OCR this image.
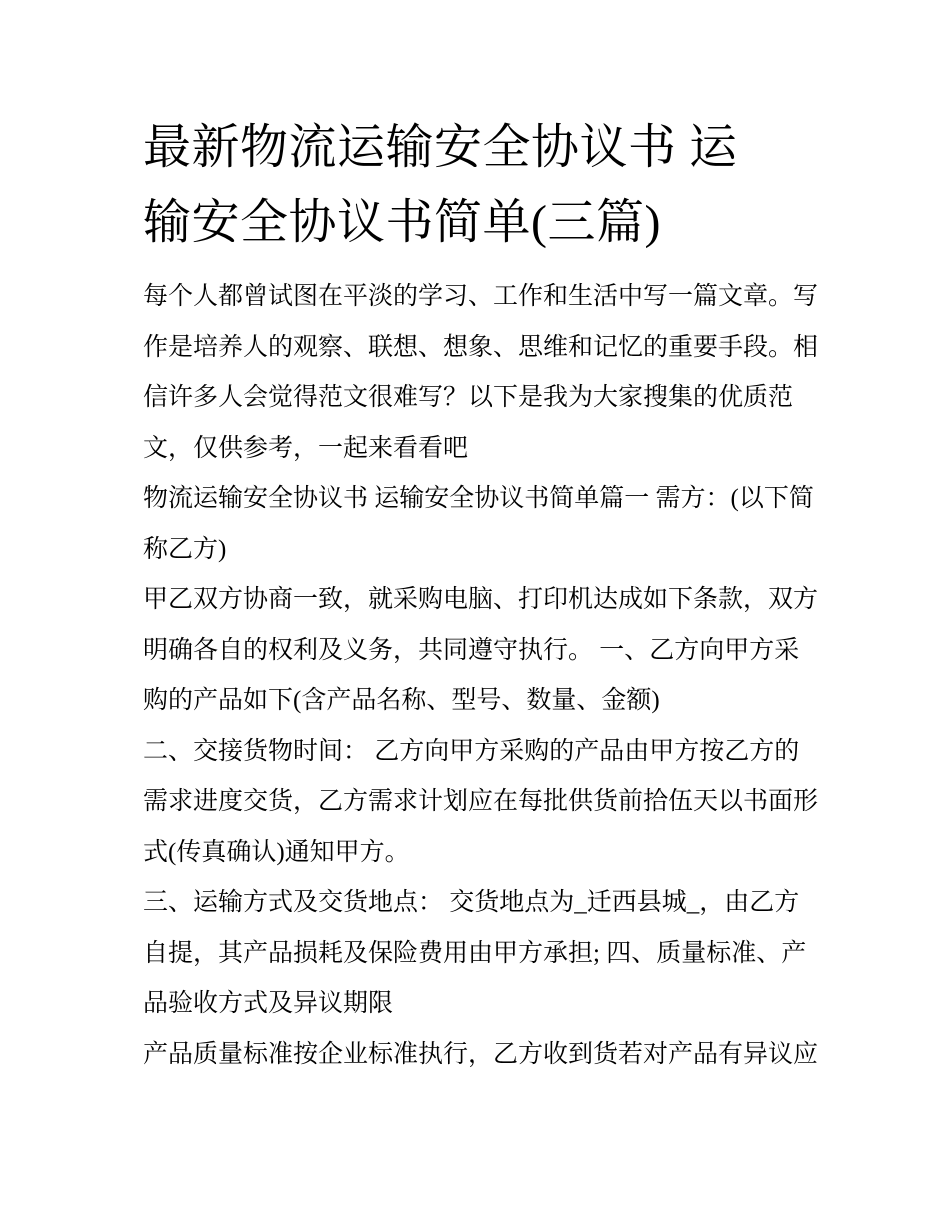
最新物流运输安全协议书 运输安全协议书简单(三篇)

每个人都曾试图在平淡的学习、工作和生活中写一篇文章。写作是培养人的观察、联想、想象、思维和记忆的重要手段。相信许多人会觉得范文很难写？以下是我为大家搜集的优质范文，仅供参考，一起来看看吧

物流运输安全协议书 运输安全协议书简单篇一 需方：(以下简称乙方)

甲乙双方协商一致，就采购电脑、打印机达成如下条款，双方明确各自的权利及义务，共同遵守执行。 一、乙方向甲方采购的产品如下(含产品名称、型号、数量、金额)

二、交接货物时间： 乙方向甲方采购的产品由甲方按乙方的需求进度交货，乙方需求计划应在每批供货前拾伍天以书面形式(传真确认)通知甲方。

三、运输方式及交货地点： 交货地点为_迁西县城_，由乙方自提，其产品损耗及保险费用由甲方承担; 四、质量标准、产品验收方式及异议期限

产品质量标准按企业标准执行，乙方收到货若对产品有异议应
